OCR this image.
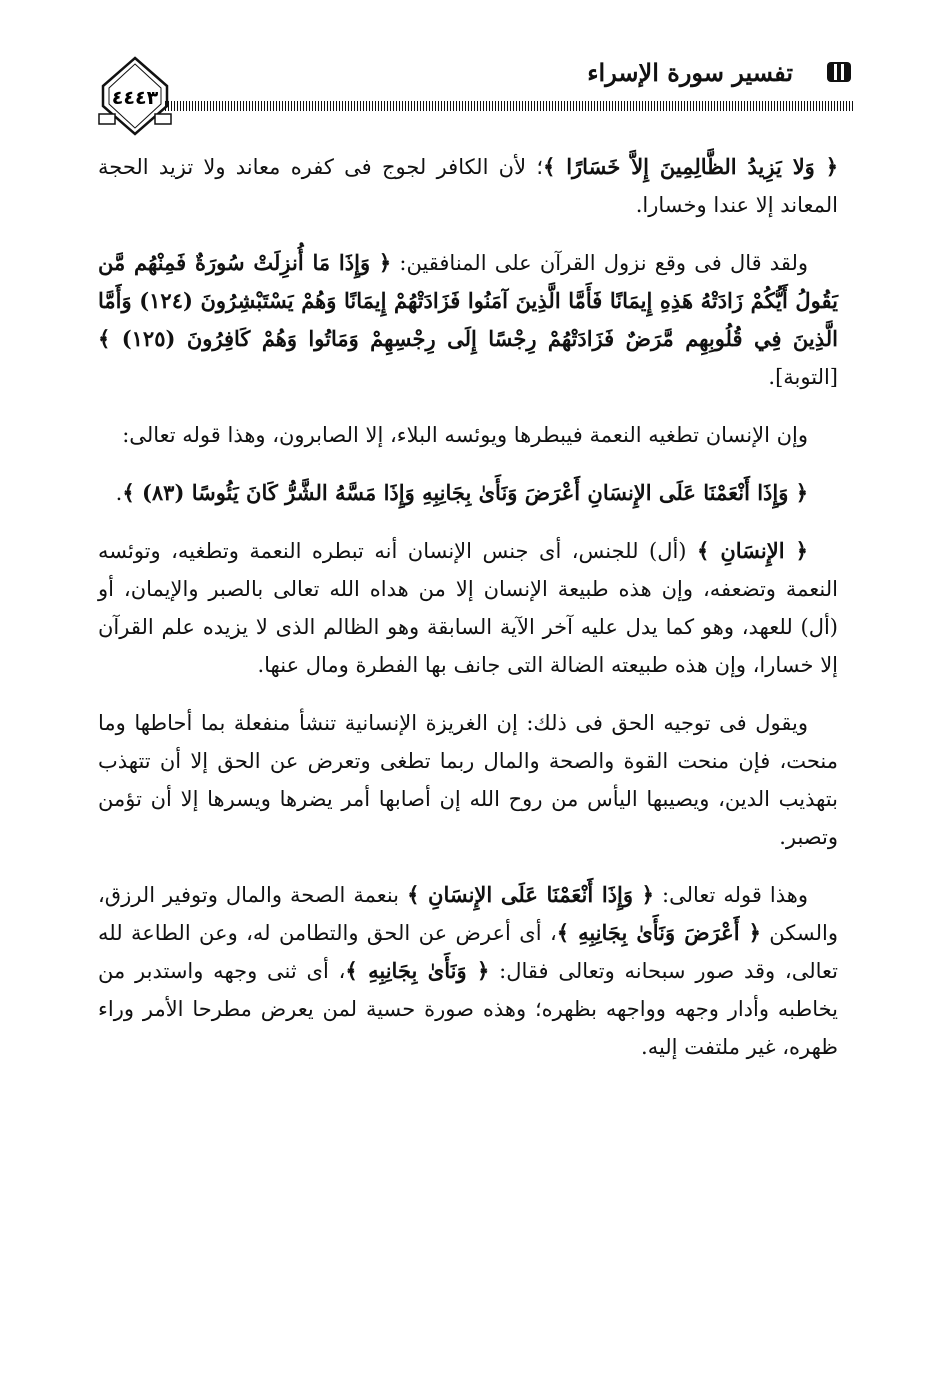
٤٤٤٣
تفسير سورة الإسراء

﴿ وَلا يَزِيدُ الظَّالِمِينَ إِلاَّ خَسَارًا ﴾؛ لأن الكافر لجوج فى كفره معاند ولا تزيد الحجة المعاند إلا عندا وخسارا.

ولقد قال فى وقع نزول القرآن على المنافقين: ﴿ وَإِذَا مَا أُنزِلَتْ سُورَةٌ فَمِنْهُم مَّن يَقُولُ أَيُّكُمْ زَادَتْهُ هَذِهِ إِيمَانًا فَأَمَّا الَّذِينَ آمَنُوا فَزَادَتْهُمْ إِيمَانًا وَهُمْ يَسْتَبْشِرُونَ (١٢٤) وَأَمَّا الَّذِينَ فِي قُلُوبِهِم مَّرَضٌ فَزَادَتْهُمْ رِجْسًا إِلَى رِجْسِهِمْ وَمَاتُوا وَهُمْ كَافِرُونَ (١٢٥) ﴾ [التوبة].

وإن الإنسان تطغيه النعمة فيبطرها ويوئسه البلاء، إلا الصابرون، وهذا قوله تعالى:

﴿ وَإِذَا أَنْعَمْنَا عَلَى الإِنسَانِ أَعْرَضَ وَنَأَىٰ بِجَانِبِهِ وَإِذَا مَسَّهُ الشَّرُّ كَانَ يَئُوسًا (٨٣) ﴾.

﴿ الإِنسَانِ ﴾ (أل) للجنس، أى جنس الإنسان أنه تبطره النعمة وتطغيه، وتوئسه النعمة وتضعفه، وإن هذه طبيعة الإنسان إلا من هداه الله تعالى بالصبر والإيمان، أو (أل) للعهد، وهو كما يدل عليه آخر الآية السابقة وهو الظالم الذى لا يزيده علم القرآن إلا خسارا، وإن هذه طبيعته الضالة التى جانف بها الفطرة ومال عنها.

ويقول فى توجيه الحق فى ذلك: إن الغريزة الإنسانية تنشأ منفعلة بما أحاطها وما منحت، فإن منحت القوة والصحة والمال ربما تطغى وتعرض عن الحق إلا أن تتهذب بتهذيب الدين، ويصيبها اليأس من روح الله إن أصابها أمر يضرها ويسرها إلا أن تؤمن وتصبر.

وهذا قوله تعالى: ﴿ وَإِذَا أَنْعَمْنَا عَلَى الإِنسَانِ ﴾ بنعمة الصحة والمال وتوفير الرزق، والسكن ﴿ أَعْرَضَ وَنَأَىٰ بِجَانِبِهِ ﴾، أى أعرض عن الحق والتطامن له، وعن الطاعة لله تعالى، وقد صور سبحانه وتعالى فقال: ﴿ وَنَأَىٰ بِجَانِبِهِ ﴾، أى ثنى وجهه واستدبر من يخاطبه وأدار وجهه وواجهه بظهره؛ وهذه صورة حسية لمن يعرض مطرحا الأمر وراء ظهره، غير ملتفت إليه.
